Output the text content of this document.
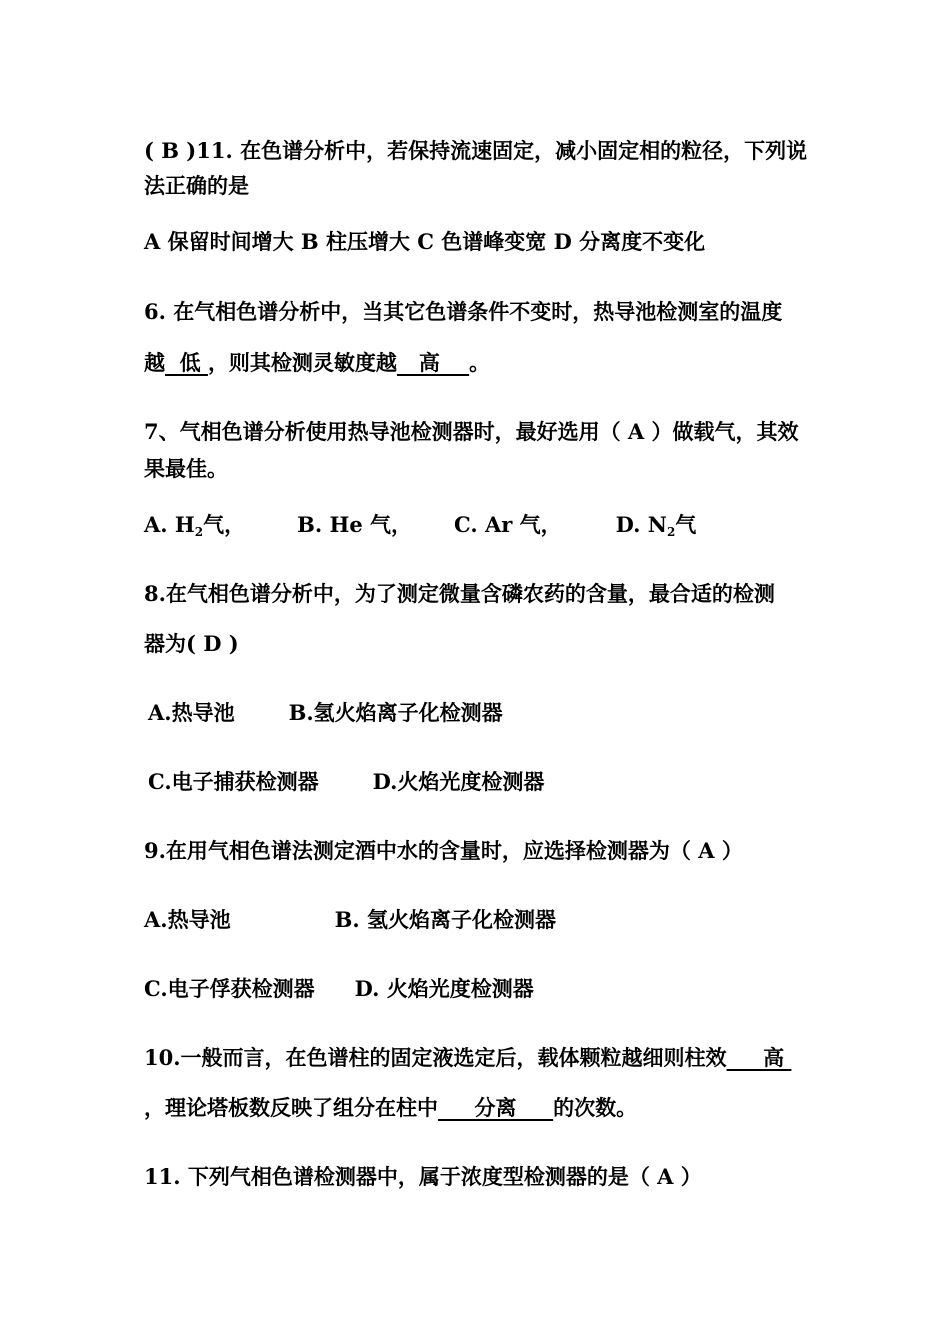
( B )11. 在色谱分析中，若保持流速固定，减小固定相的粒径，下列说
法正确的是
A 保留时间增大 B 柱压增大 C 色谱峰变宽 D 分离度不变化
6. 在气相色谱分析中，当其它色谱条件不变时，热导池检测室的温度
越  低 ，则其检测灵敏度越   高    。
7、气相色谱分析使用热导池检测器时，最好选用（ A ）做载气，其效
果最佳。
A. $H_2$气， B. He 气， C. Ar 气，	D. $N_2$气
8.在气相色谱分析中，为了测定微量含磷农药的含量，最合适的检测
器为( D )
A.热导池	B.氢火焰离子化检测器
C.电子捕获检测器	D.火焰光度检测器
9.在用气相色谱法测定酒中水的含量时，应选择检测器为（ A ）
A.热导池	B. 氢火焰离子化检测器
C.电子俘获检测器 D. 火焰光度检测器
10.一般而言，在色谱柱的固定液选定后，载体颗粒越细则柱效     高
，理论塔板数反映了组分在柱中     分离     的次数。
11. 下列气相色谱检测器中，属于浓度型检测器的是（ A ）
